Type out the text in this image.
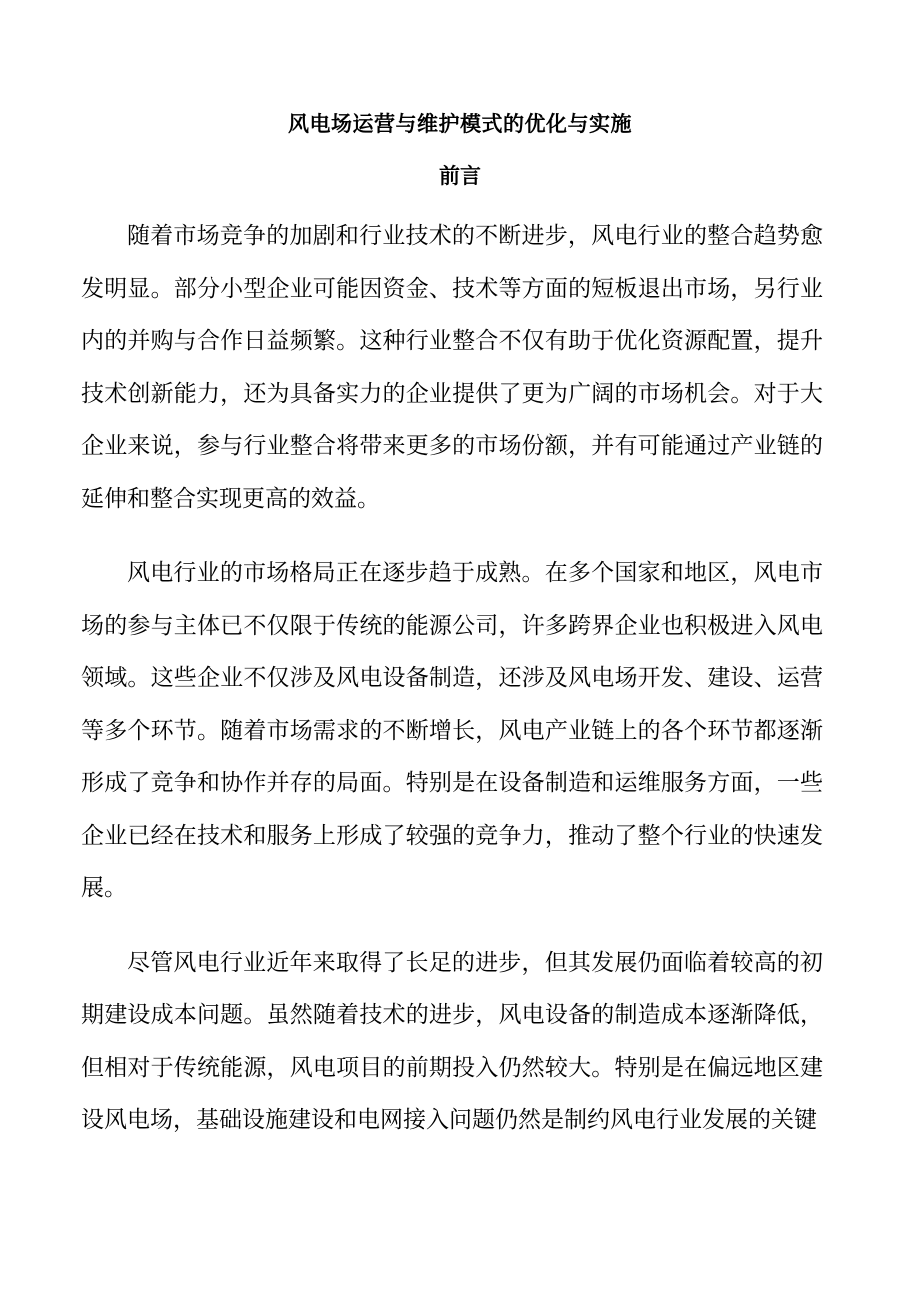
风电场运营与维护模式的优化与实施
前言

随着市场竞争的加剧和行业技术的不断进步，风电行业的整合趋势愈发明显。部分小型企业可能因资金、技术等方面的短板退出市场，另行业内的并购与合作日益频繁。这种行业整合不仅有助于优化资源配置，提升技术创新能力，还为具备实力的企业提供了更为广阔的市场机会。对于大企业来说，参与行业整合将带来更多的市场份额，并有可能通过产业链的延伸和整合实现更高的效益。

风电行业的市场格局正在逐步趋于成熟。在多个国家和地区，风电市场的参与主体已不仅限于传统的能源公司，许多跨界企业也积极进入风电领域。这些企业不仅涉及风电设备制造，还涉及风电场开发、建设、运营等多个环节。随着市场需求的不断增长，风电产业链上的各个环节都逐渐形成了竞争和协作并存的局面。特别是在设备制造和运维服务方面，一些企业已经在技术和服务上形成了较强的竞争力，推动了整个行业的快速发展。

尽管风电行业近年来取得了长足的进步，但其发展仍面临着较高的初期建设成本问题。虽然随着技术的进步，风电设备的制造成本逐渐降低，但相对于传统能源，风电项目的前期投入仍然较大。特别是在偏远地区建设风电场，基础设施建设和电网接入问题仍然是制约风电行业发展的关键
